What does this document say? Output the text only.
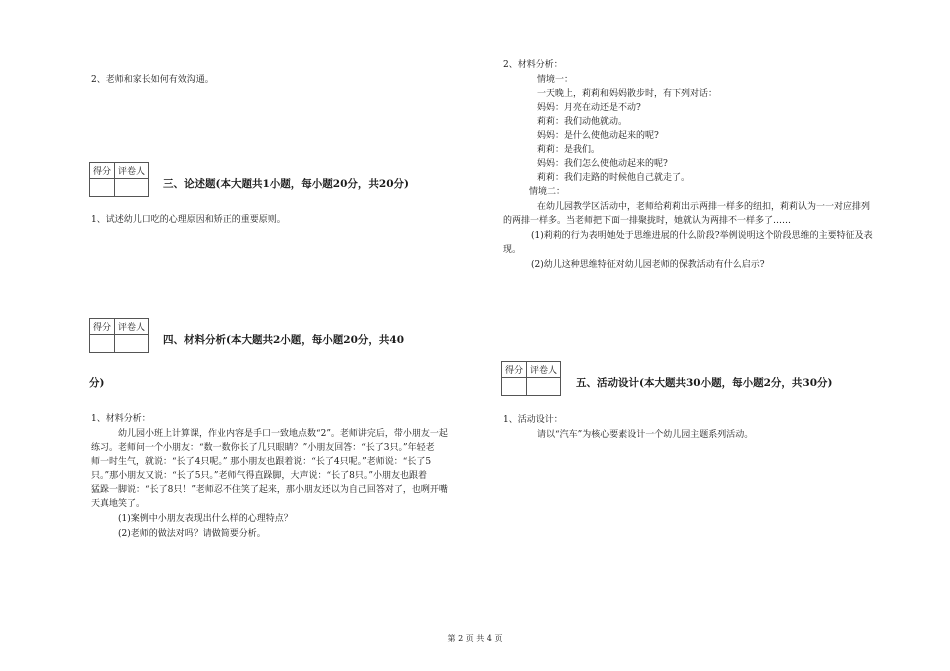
2、老师和家长如何有效沟通。
得分	评卷人

三、论述题(本大题共1小题，每小题20分，共20分)
1、试述幼儿口吃的心理原因和矫正的重要原则。
得分	评卷人

四、材料分析(本大题共2小题，每小题20分，共40
分)
1、材料分析：
幼儿园小班上计算课，作业内容是手口一致地点数“2”。老师讲完后，带小朋友一起
练习。老师问一个小朋友：“数一数你长了几只眼睛？”小朋友回答：“长了3只。”年轻老
师一时生气，就说：“长了4只呢。” 那小朋友也跟着说：“长了4只呢。”老师说：“长了5
只。”那小朋友又说：“长了5只。”老师气得直跺脚，大声说：“长了8只。”小朋友也跟着
猛跺一脚说：“长了8只！”老师忍不住笑了起来，那小朋友还以为自己回答对了，也咧开嘴
天真地笑了。
(1)案例中小朋友表现出什么样的心理特点？
(2)老师的做法对吗？请做简要分析。
2、材料分析：
情境一：
一天晚上，莉莉和妈妈散步时，有下列对话：
妈妈：月亮在动还是不动?
莉莉：我们动他就动。
妈妈：是什么使他动起来的呢?
莉莉：是我们。
妈妈：我们怎么使他动起来的呢?
莉莉：我们走路的时候他自己就走了。
情境二：
在幼儿园教学区活动中，老师给莉莉出示两排一样多的纽扣，莉莉认为一一对应排列
的两排一样多。当老师把下面一排聚拢时，她就认为两排不一样多了……
(1)莉莉的行为表明她处于思维进展的什么阶段?举例说明这个阶段思维的主要特征及表
现。
(2)幼儿这种思维特征对幼儿园老师的保教活动有什么启示?
得分	评卷人

五、活动设计(本大题共30小题，每小题2分，共30分)
1、活动设计：
请以“汽车”为核心要素设计一个幼儿园主题系列活动。
第 2 页 共 4 页
